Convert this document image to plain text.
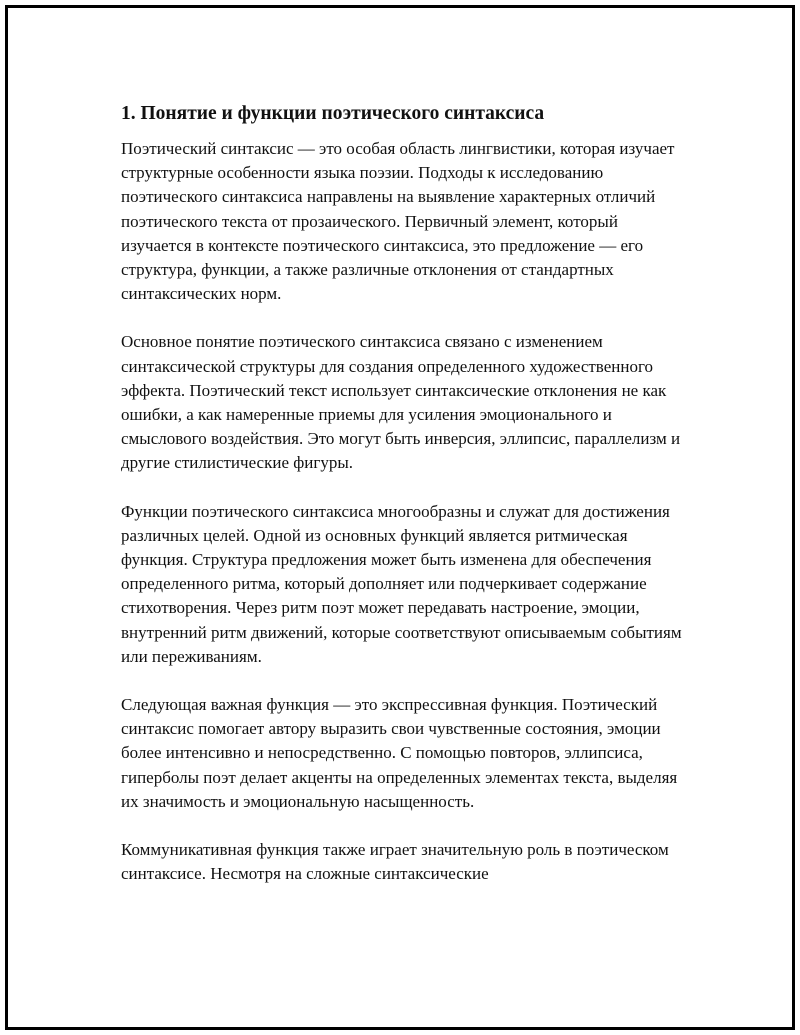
1. Понятие и функции поэтического синтаксиса

Поэтический синтаксис — это особая область лингвистики, которая изучает структурные особенности языка поэзии. Подходы к исследованию поэтического синтаксиса направлены на выявление характерных отличий поэтического текста от прозаического. Первичный элемент, который изучается в контексте поэтического синтаксиса, это предложение — его структура, функции, а также различные отклонения от стандартных синтаксических норм.

Основное понятие поэтического синтаксиса связано с изменением синтаксической структуры для создания определенного художественного эффекта. Поэтический текст использует синтаксические отклонения не как ошибки, а как намеренные приемы для усиления эмоционального и смыслового воздействия. Это могут быть инверсия, эллипсис, параллелизм и другие стилистические фигуры.

Функции поэтического синтаксиса многообразны и служат для достижения различных целей. Одной из основных функций является ритмическая функция. Структура предложения может быть изменена для обеспечения определенного ритма, который дополняет или подчеркивает содержание стихотворения. Через ритм поэт может передавать настроение, эмоции, внутренний ритм движений, которые соответствуют описываемым событиям или переживаниям.

Следующая важная функция — это экспрессивная функция. Поэтический синтаксис помогает автору выразить свои чувственные состояния, эмоции более интенсивно и непосредственно. С помощью повторов, эллипсиса, гиперболы поэт делает акценты на определенных элементах текста, выделяя их значимость и эмоциональную насыщенность.

Коммуникативная функция также играет значительную роль в поэтическом синтаксисе. Несмотря на сложные синтаксические
